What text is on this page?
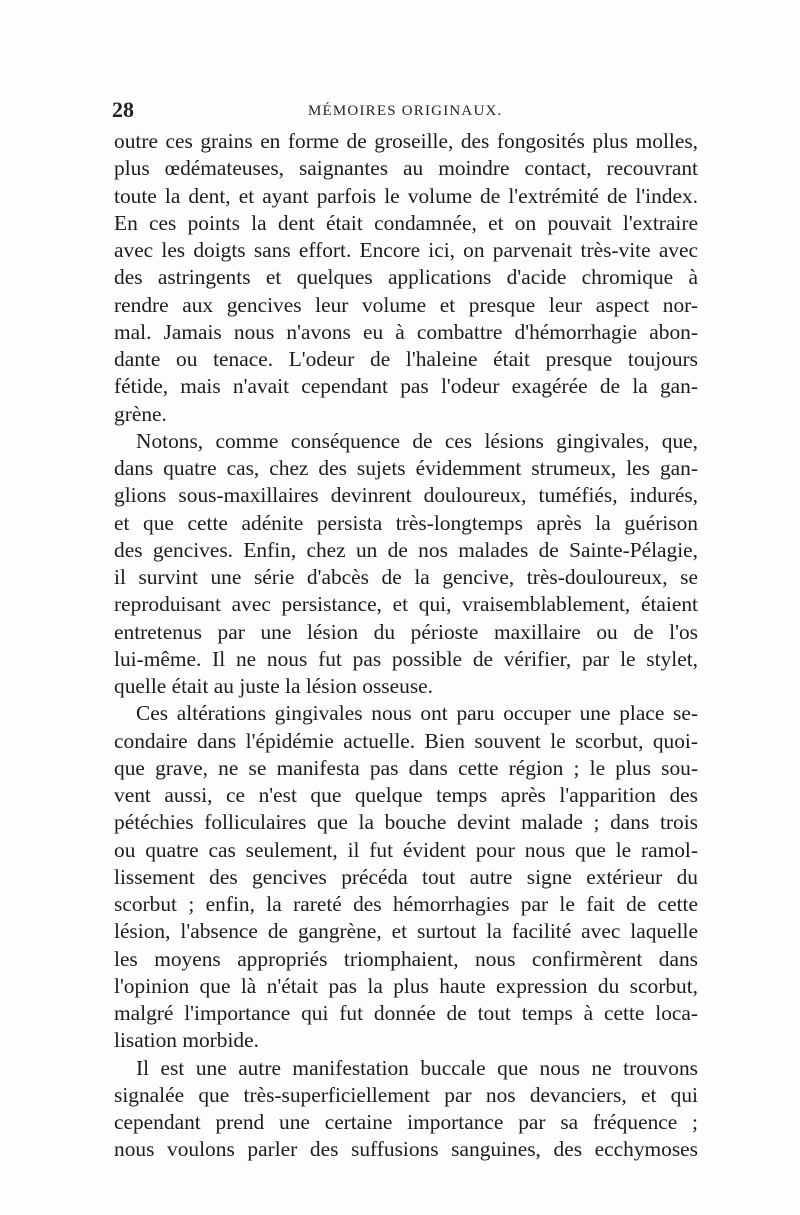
28	MÉMOIRES ORIGINAUX.
outre ces grains en forme de groseille, des fongosités plus molles,
plus œdémateuses, saignantes au moindre contact, recouvrant
toute la dent, et ayant parfois le volume de l'extrémité de l'index.
En ces points la dent était condamnée, et on pouvait l'extraire
avec les doigts sans effort. Encore ici, on parvenait très-vite avec
des astringents et quelques applications d'acide chromique à
rendre aux gencives leur volume et presque leur aspect nor-
mal. Jamais nous n'avons eu à combattre d'hémorrhagie abon-
dante ou tenace. L'odeur de l'haleine était presque toujours
fétide, mais n'avait cependant pas l'odeur exagérée de la gan-
grène.
Notons, comme conséquence de ces lésions gingivales, que,
dans quatre cas, chez des sujets évidemment strumeux, les gan-
glions sous-maxillaires devinrent douloureux, tuméfiés, indurés,
et que cette adénite persista très-longtemps après la guérison
des gencives. Enfin, chez un de nos malades de Sainte-Pélagie,
il survint une série d'abcès de la gencive, très-douloureux, se
reproduisant avec persistance, et qui, vraisemblablement, étaient
entretenus par une lésion du périoste maxillaire ou de l'os
lui-même. Il ne nous fut pas possible de vérifier, par le stylet,
quelle était au juste la lésion osseuse.
Ces altérations gingivales nous ont paru occuper une place se-
condaire dans l'épidémie actuelle. Bien souvent le scorbut, quoi-
que grave, ne se manifesta pas dans cette région ; le plus sou-
vent aussi, ce n'est que quelque temps après l'apparition des
pétéchies folliculaires que la bouche devint malade ; dans trois
ou quatre cas seulement, il fut évident pour nous que le ramol-
lissement des gencives précéda tout autre signe extérieur du
scorbut ; enfin, la rareté des hémorrhagies par le fait de cette
lésion, l'absence de gangrène, et surtout la facilité avec laquelle
les moyens appropriés triomphaient, nous confirmèrent dans
l'opinion que là n'était pas la plus haute expression du scorbut,
malgré l'importance qui fut donnée de tout temps à cette loca-
lisation morbide.
Il est une autre manifestation buccale que nous ne trouvons
signalée que très-superficiellement par nos devanciers, et qui
cependant prend une certaine importance par sa fréquence ;
nous voulons parler des suffusions sanguines, des ecchymoses
